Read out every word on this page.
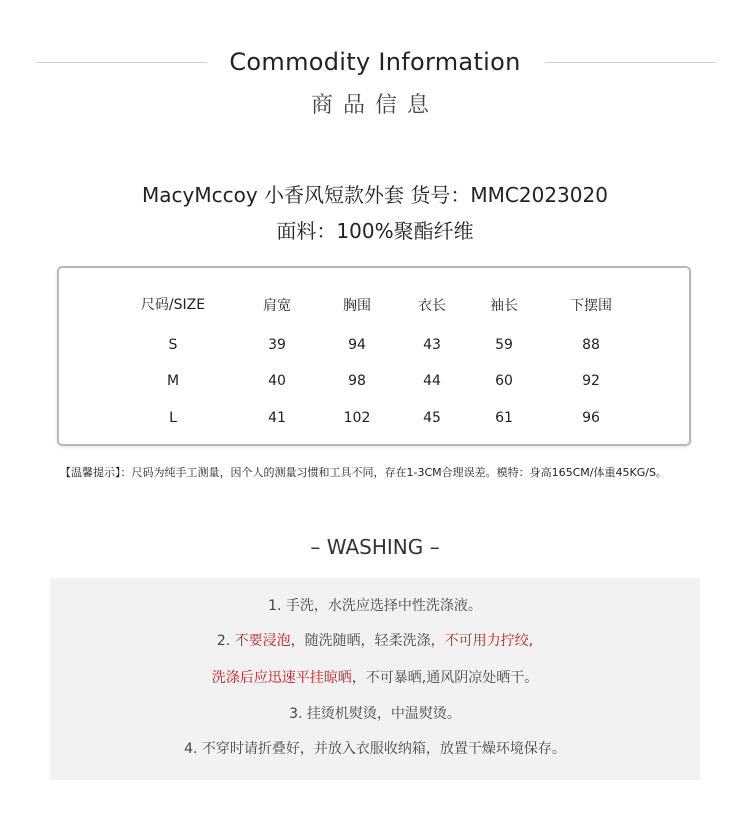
Commodity Information
商品信息
MacyMccoy 小香风短款外套 货号：MMC2023020
面料：100%聚酯纤维
尺码/SIZE	肩宽	胸围	衣长	袖长	下摆围
S	39	94	43	59	88
M	40	98	44	60	92
L	41	102	45	61	96
【温馨提示】：尺码为纯手工测量，因个人的测量习惯和工具不同，存在1-3CM合理误差。模特：身高165CM/体重45KG/S。
– WASHING –
1. 手洗，水洗应选择中性洗涤液。
2. 不要浸泡，随洗随晒，轻柔洗涤，不可用力拧绞,
洗涤后应迅速平挂晾晒，不可暴晒,通风阴凉处晒干。
3. 挂烫机熨烫，中温熨烫。
4. 不穿时请折叠好，并放入衣服收纳箱，放置干燥环境保存。
